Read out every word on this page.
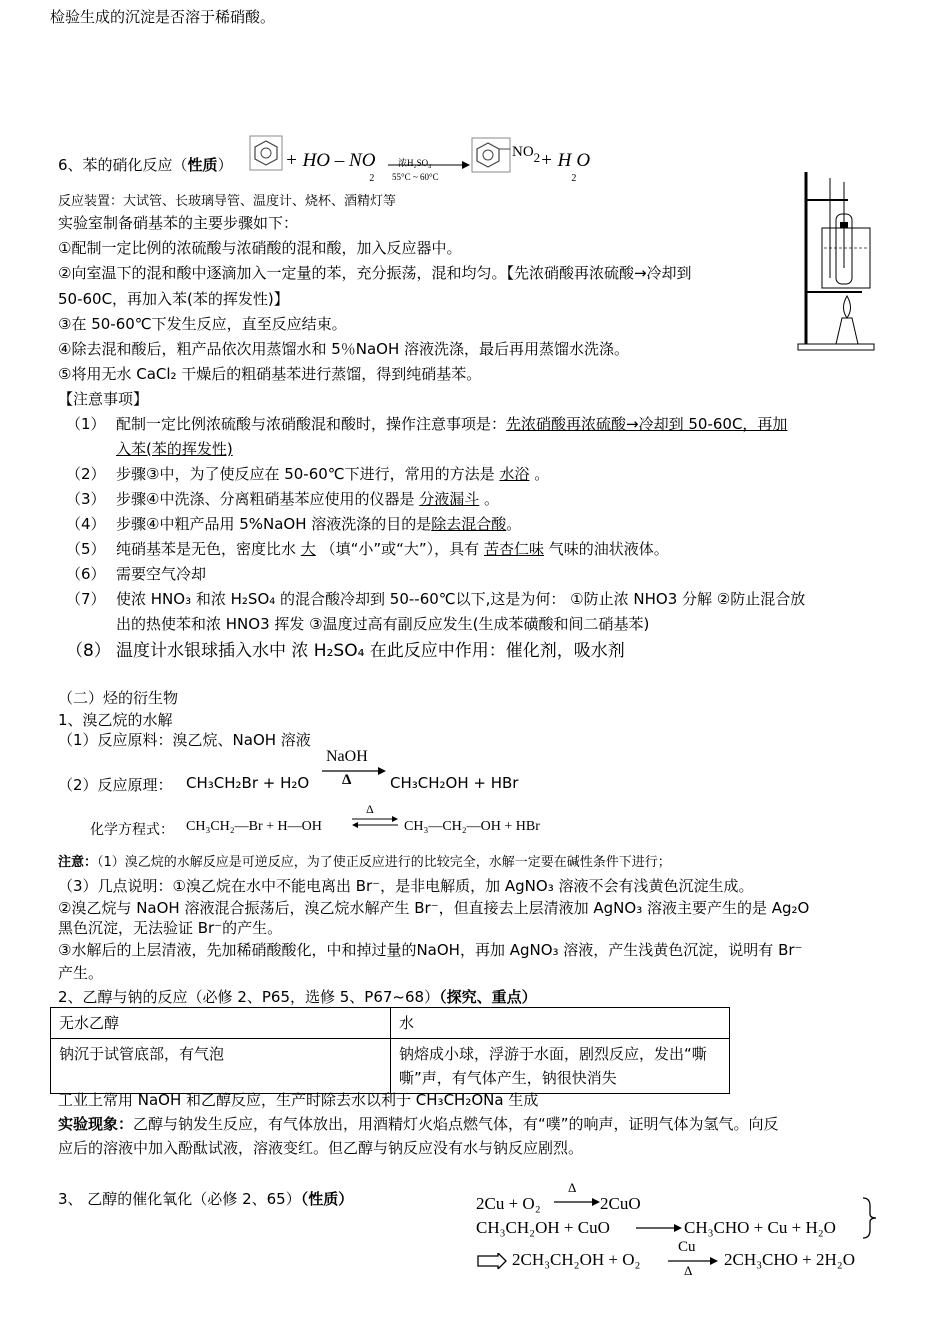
检验生成的沉淀是否溶于稀硝酸。
6、苯的硝化反应（性质）	+ HO – $NO_2$
浓H₂SO₄
55°C ~ 60°C
$NO2 + H_2O$
反应装置：大试管、长玻璃导管、温度计、烧杯、酒精灯等
实验室制备硝基苯的主要步骤如下：
①配制一定比例的浓硫酸与浓硝酸的混和酸，加入反应器中。
②向室温下的混和酸中逐滴加入一定量的苯，充分振荡，混和均匀。【先浓硝酸再浓硫酸→冷却到
50-60C，再加入苯(苯的挥发性)】
③在 50-60℃下发生反应，直至反应结束。
④除去混和酸后，粗产品依次用蒸馏水和 5％NaOH 溶液洗涤，最后再用蒸馏水洗涤。
⑤将用无水 CaCl₂ 干燥后的粗硝基苯进行蒸馏，得到纯硝基苯。
【注意事项】
（1） 配制一定比例浓硫酸与浓硝酸混和酸时，操作注意事项是：先浓硝酸再浓硫酸→冷却到 50-60C，再加
入苯(苯的挥发性)
（2） 步骤③中，为了使反应在 50-60℃下进行，常用的方法是 水浴 。
（3） 步骤④中洗涤、分离粗硝基苯应使用的仪器是 分液漏斗 。
（4） 步骤④中粗产品用 5%NaOH 溶液洗涤的目的是除去混合酸。
（5） 纯硝基苯是无色，密度比水 大 （填“小”或“大”），具有 苦杏仁味 气味的油状液体。
（6） 需要空气冷却
（7） 使浓 HNO₃ 和浓 H₂SO₄ 的混合酸冷却到 50--60℃以下,这是为何： ①防止浓 NHO3 分解 ②防止混合放
出的热使苯和浓 HNO3 挥发 ③温度过高有副反应发生(生成苯磺酸和间二硝基苯)
（8） 温度计水银球插入水中 浓 H₂SO₄ 在此反应中作用：催化剂，吸水剂
（二）烃的衍生物
1、溴乙烷的水解
（1）反应原料：溴乙烷、NaOH 溶液
（2）反应原理： CH₃CH₂Br + H₂O
NaOH
Δ	CH₃CH₂OH + HBr
化学方程式： CH₃CH₂—Br + H—OH
Δ
⇌ CH₃—CH₂—OH + HBr
注意：（1）溴乙烷的水解反应是可逆反应，为了使正反应进行的比较完全，水解一定要在碱性条件下进行；
（3）几点说明：①溴乙烷在水中不能电离出 Br⁻，是非电解质，加 AgNO₃ 溶液不会有浅黄色沉淀生成。
②溴乙烷与 NaOH 溶液混合振荡后，溴乙烷水解产生 Br⁻，但直接去上层清液加 AgNO₃ 溶液主要产生的是 Ag₂O
黑色沉淀，无法验证 Br⁻的产生。
③水解后的上层清液，先加稀硝酸酸化，中和掉过量的NaOH，再加 AgNO₃ 溶液，产生浅黄色沉淀，说明有 Br⁻
产生。
2、乙醇与钠的反应（必修 2、P65，选修 5、P67~68）（探究、重点）
无水乙醇	水
钠沉于试管底部，有气泡	钠熔成小球，浮游于水面，剧烈反应，发出“嘶
嘶”声，有气体产生，钠很快消失
工业上常用 NaOH 和乙醇反应，生产时除去水以利于 CH₃CH₂ONa 生成
实验现象：乙醇与钠发生反应，有气体放出，用酒精灯火焰点燃气体，有“噗”的响声，证明气体为氢气。向反
应后的溶液中加入酚酞试液，溶液变红。但乙醇与钠反应没有水与钠反应剧烈。
3、 乙醇的催化氧化（必修 2、65）（性质）	2Cu + O₂
Δ
→ 2CuO
CH₃CH₂OH + CuO → CH₃CHO + Cu + H₂O
2CH₃CH₂OH + O₂
Cu
Δ
2CH₃CHO + 2H₂O
